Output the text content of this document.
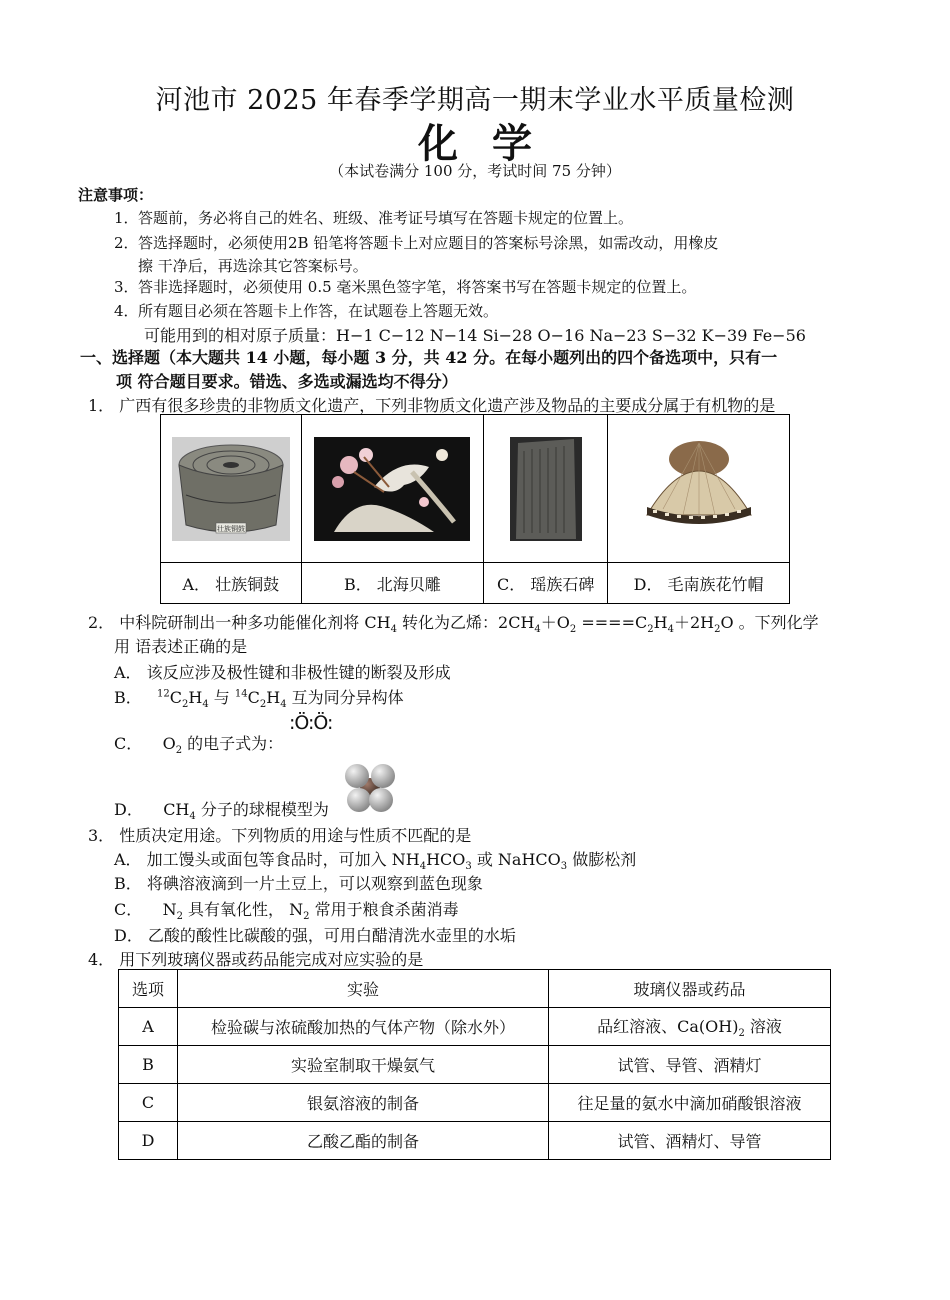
河池市 2025 年春季学期高一期末学业水平质量检测
化学
（本试卷满分 100 分，考试时间 75 分钟）
注意事项：
1．答题前，务必将自己的姓名、班级、准考证号填写在答题卡规定的位置上。
2．答选择题时，必须使用2B 铅笔将答题卡上对应题目的答案标号涂黑，如需改动，用橡皮
擦 干净后，再选涂其它答案标号。
3．答非选择题时，必须使用 0.5 毫米黑色签字笔，将答案书写在答题卡规定的位置上。
4．所有题目必须在答题卡上作答，在试题卷上答题无效。
可能用到的相对原子质量：H−1 C−12 N−14 Si−28 O−16 Na−23 S−32 K−39 Fe−56
一、选择题（本大题共 14 小题，每小题 3 分，共 42 分。在每小题列出的四个备选项中，只有一
项 符合题目要求。错选、多选或漏选均不得分）
1． 广西有很多珍贵的非物质文化遗产，下列非物质文化遗产涉及物品的主要成分属于有机物的是
壮族铜鼓

A． 壮族铜鼓	B． 北海贝雕	C． 瑶族石碑	D． 毛南族花竹帽
2． 中科院研制出一种多功能催化剂将 $CH_4$ 转化为乙烯：$2CH_4+O_2 ====C_2H_4+2H_2O$ 。下列化学
用 语表述正确的是
A． 该反应涉及极性键和非极性键的断裂及形成
B． $^{12}C_2H_4$ 与 $^{14}C_2H_4$ 互为同分异构体
C． $O_2$ 的电子式为：
:Ö:Ö:
D． $CH_4$ 分子的球棍模型为
3． 性质决定用途。下列物质的用途与性质不匹配的是
A． 加工馒头或面包等食品时，可加入 $NH_4HCO_3$ 或 NaHCO$_3$ 做膨松剂
B． 将碘溶液滴到一片土豆上，可以观察到蓝色现象
C． $N_2$ 具有氧化性， $N_2$ 常用于粮食杀菌消毒
D． 乙酸的酸性比碳酸的强，可用白醋清洗水壶里的水垢
4． 用下列玻璃仪器或药品能完成对应实验的是
选项	实验	玻璃仪器或药品
A	检验碳与浓硫酸加热的气体产物（除水外）	品红溶液、$Ca(OH)_2$ 溶液
B	实验室制取干燥氨气	试管、导管、酒精灯
C	银氨溶液的制备	往足量的氨水中滴加硝酸银溶液
D	乙酸乙酯的制备	试管、酒精灯、导管
